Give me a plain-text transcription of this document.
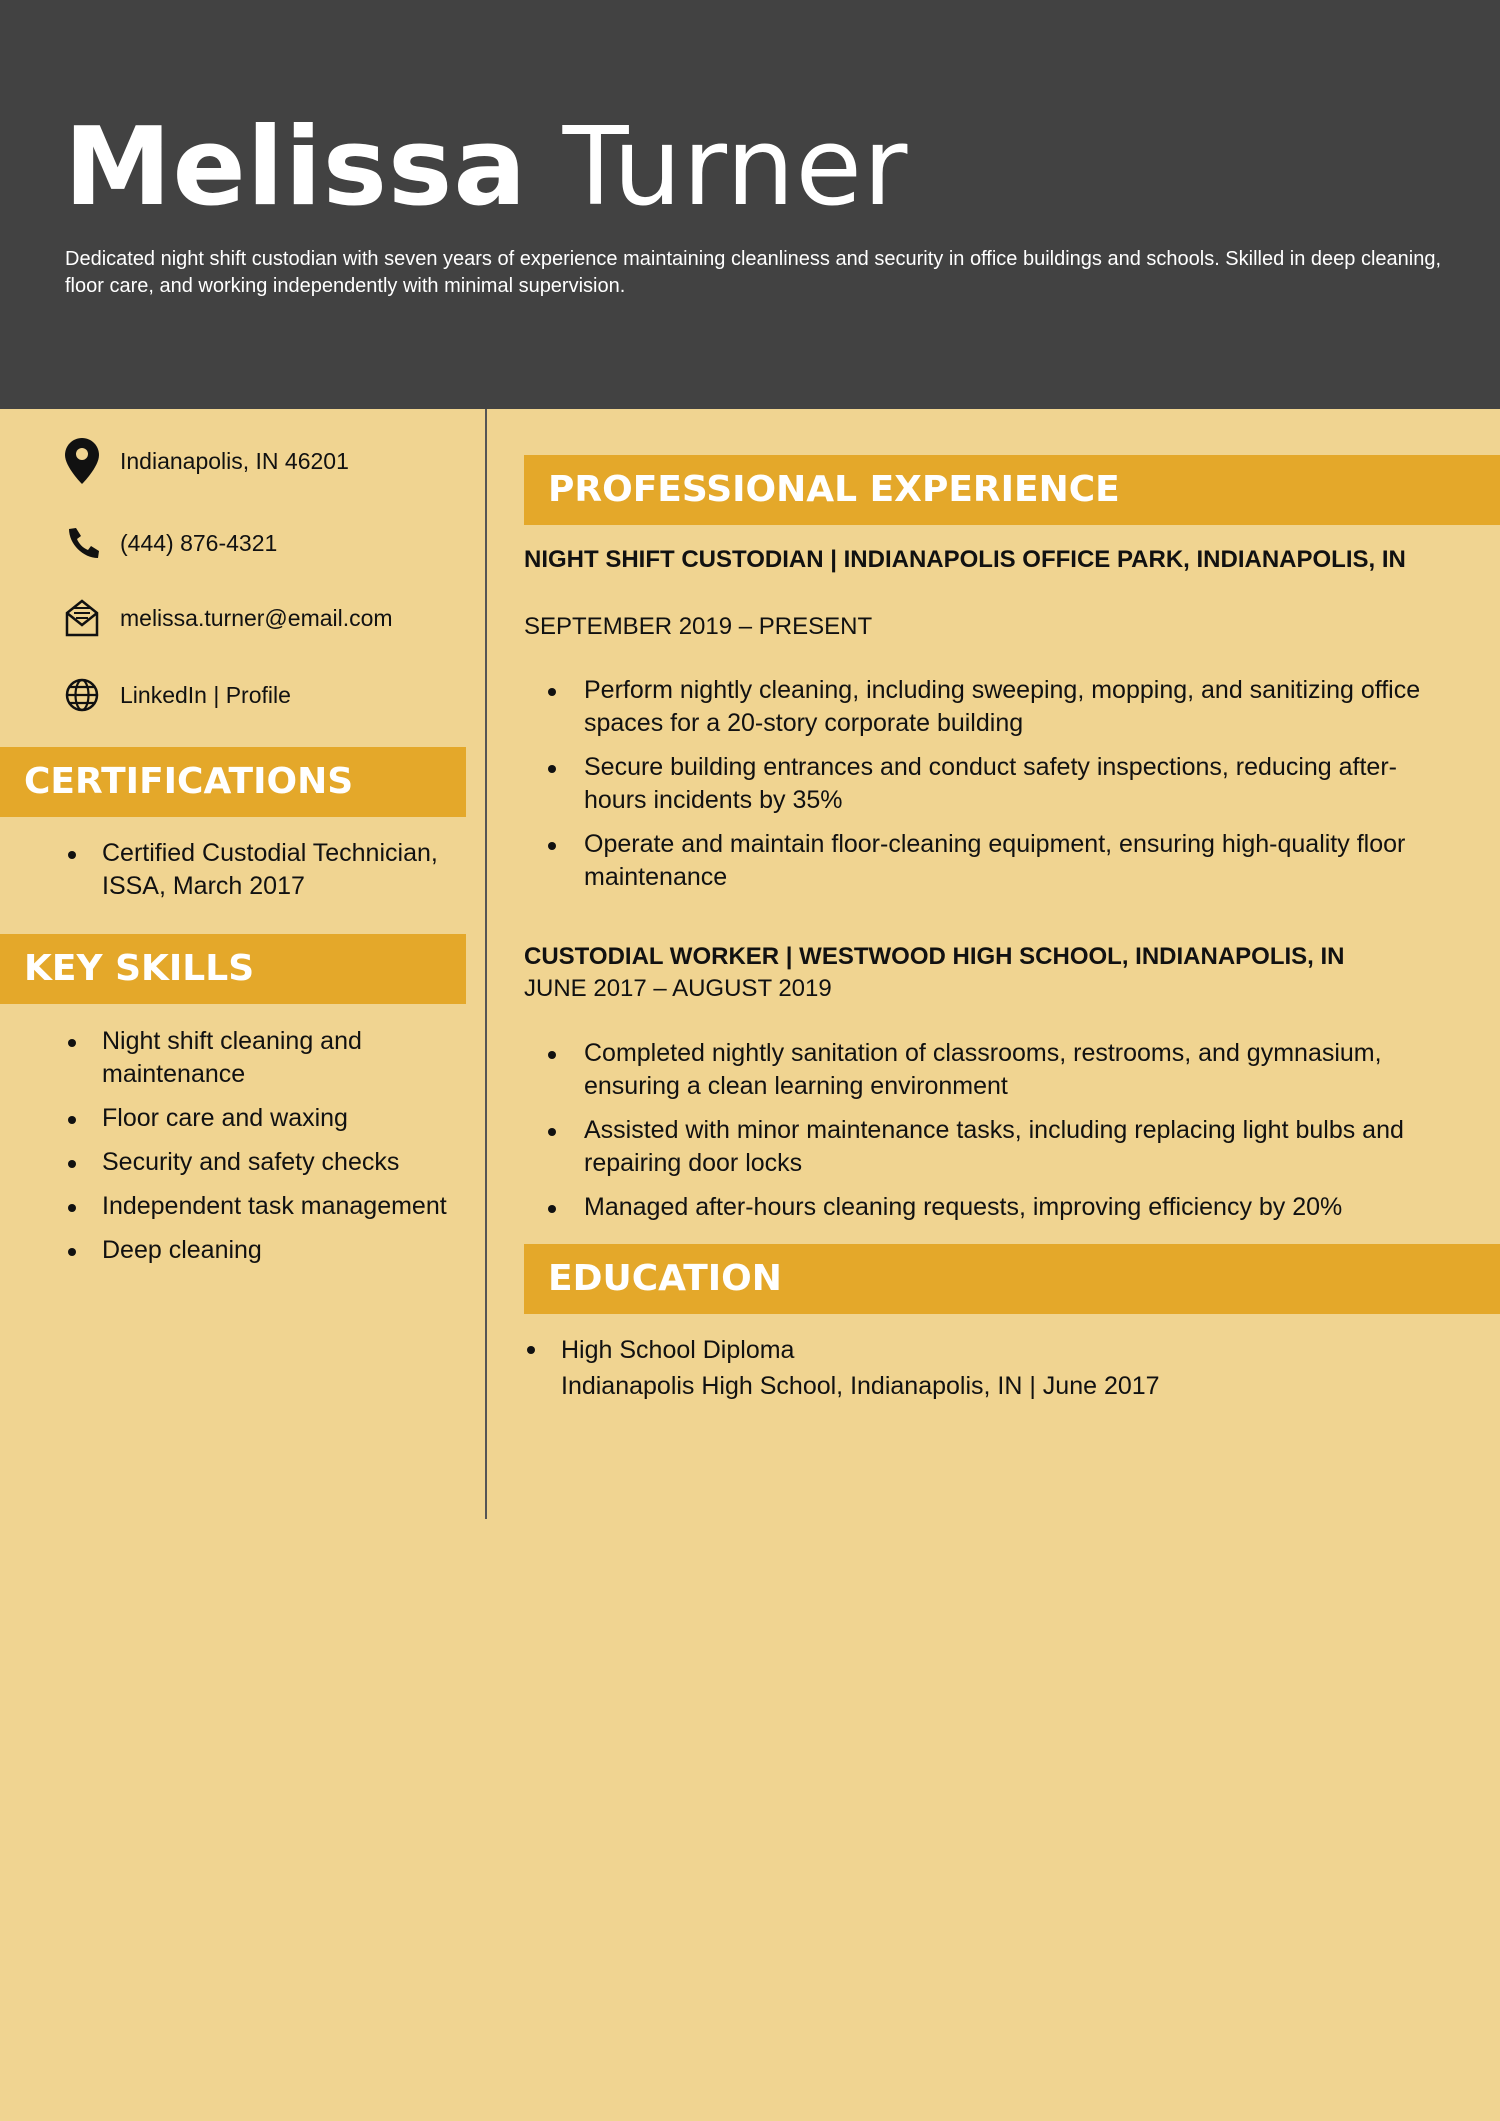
Melissa Turner
Dedicated night shift custodian with seven years of experience maintaining cleanliness and security in office buildings and schools. Skilled in deep cleaning, floor care, and working independently with minimal supervision.
Indianapolis, IN 46201
(444) 876-4321
melissa.turner@email.com
LinkedIn | Profile
CERTIFICATIONS
Certified Custodial Technician, ISSA, March 2017
KEY SKILLS
Night shift cleaning and maintenance
Floor care and waxing
Security and safety checks
Independent task management
Deep cleaning
PROFESSIONAL EXPERIENCE
NIGHT SHIFT CUSTODIAN | INDIANAPOLIS OFFICE PARK, INDIANAPOLIS, IN
SEPTEMBER 2019 – PRESENT
Perform nightly cleaning, including sweeping, mopping, and sanitizing office spaces for a 20-story corporate building
Secure building entrances and conduct safety inspections, reducing after-hours incidents by 35%
Operate and maintain floor-cleaning equipment, ensuring high-quality floor maintenance
CUSTODIAL WORKER | WESTWOOD HIGH SCHOOL, INDIANAPOLIS, IN
JUNE 2017 – AUGUST 2019
Completed nightly sanitation of classrooms, restrooms, and gymnasium, ensuring a clean learning environment
Assisted with minor maintenance tasks, including replacing light bulbs and repairing door locks
Managed after-hours cleaning requests, improving efficiency by 20%
EDUCATION
High School Diploma
Indianapolis High School, Indianapolis, IN | June 2017
